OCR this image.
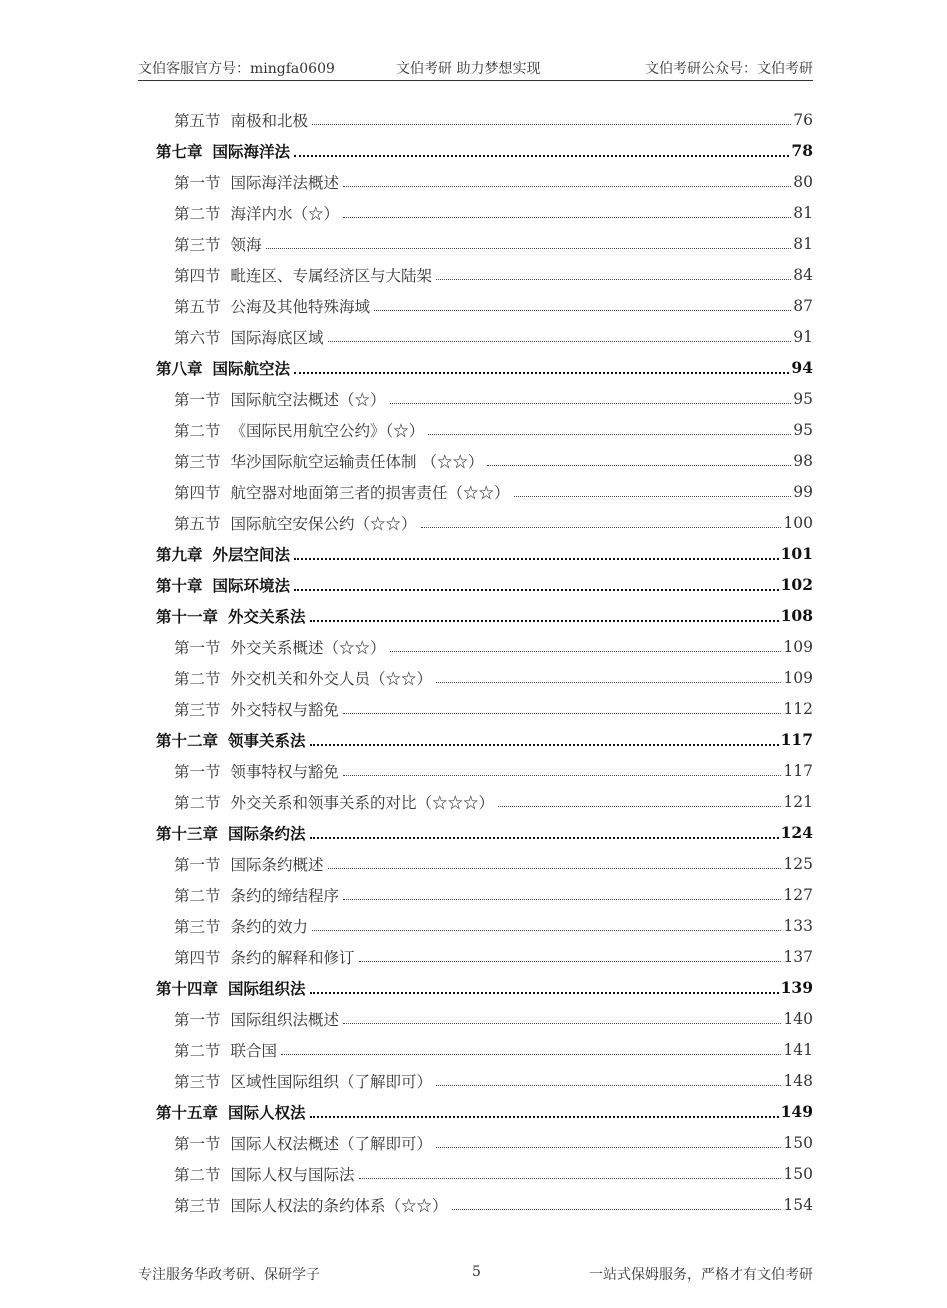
文伯客服官方号：mingfa0609	文伯考研 助力梦想实现	文伯考研公众号：文伯考研
第五节 南极和北极	76
第七章 国际海洋法	78
第一节 国际海洋法概述	80
第二节 海洋内水（☆）	81
第三节 领海	81
第四节 毗连区、专属经济区与大陆架	84
第五节 公海及其他特殊海域	87
第六节 国际海底区域	91
第八章 国际航空法	94
第一节 国际航空法概述（☆）	95
第二节 《国际民用航空公约》（☆）	95
第三节 华沙国际航空运输责任体制 （☆☆）	98
第四节 航空器对地面第三者的损害责任（☆☆）	99
第五节 国际航空安保公约（☆☆）	100
第九章 外层空间法	101
第十章 国际环境法	102
第十一章 外交关系法	108
第一节 外交关系概述（☆☆）	109
第二节 外交机关和外交人员（☆☆）	109
第三节 外交特权与豁免	112
第十二章 领事关系法	117
第一节 领事特权与豁免	117
第二节 外交关系和领事关系的对比（☆☆☆）	121
第十三章 国际条约法	124
第一节 国际条约概述	125
第二节 条约的缔结程序	127
第三节 条约的效力	133
第四节 条约的解释和修订	137
第十四章 国际组织法	139
第一节 国际组织法概述	140
第二节 联合国	141
第三节 区域性国际组织（了解即可）	148
第十五章 国际人权法	149
第一节 国际人权法概述（了解即可）	150
第二节 国际人权与国际法	150
第三节 国际人权法的条约体系（☆☆）	154
专注服务华政考研、保研学子	5	一站式保姆服务，严格才有文伯考研
